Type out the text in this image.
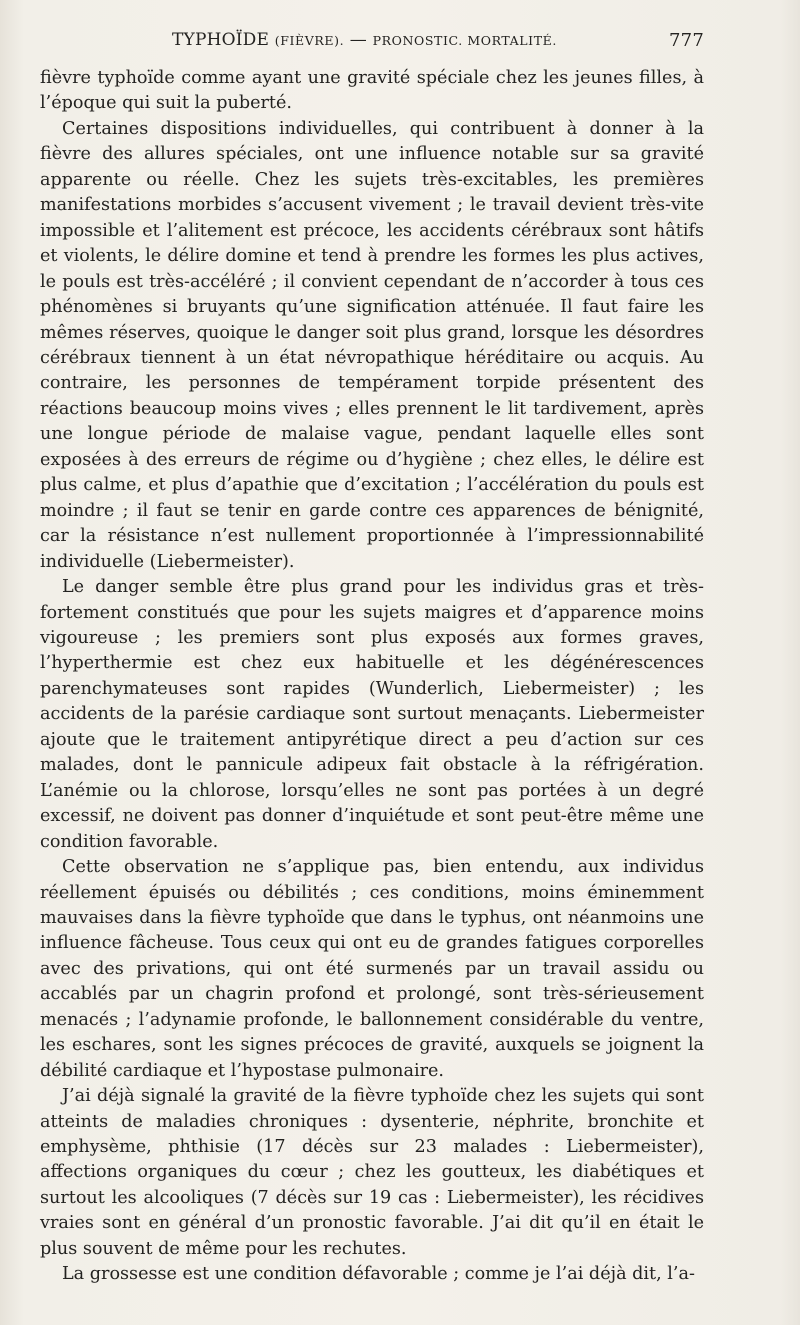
TYPHOÏDE (FIÈVRE). — PRONOSTIC. MORTALITÉ.	777

fièvre typhoïde comme ayant une gravité spéciale chez les jeunes filles, à l’époque qui suit la puberté.

Certaines dispositions individuelles, qui contribuent à donner à la fièvre des allures spéciales, ont une influence notable sur sa gravité apparente ou réelle. Chez les sujets très-excitables, les premières manifestations morbides s’accusent vivement ; le travail devient très-vite impossible et l’alitement est précoce, les accidents cérébraux sont hâtifs et violents, le délire domine et tend à prendre les formes les plus actives, le pouls est très-accéléré ; il convient cependant de n’accorder à tous ces phénomènes si bruyants qu’une signification atténuée. Il faut faire les mêmes réserves, quoique le danger soit plus grand, lorsque les désordres cérébraux tiennent à un état névropathique héréditaire ou acquis. Au contraire, les personnes de tempérament torpide présentent des réactions beaucoup moins vives ; elles prennent le lit tardivement, après une longue période de malaise vague, pendant laquelle elles sont exposées à des erreurs de régime ou d’hygiène ; chez elles, le délire est plus calme, et plus d’apathie que d’excitation ; l’accélération du pouls est moindre ; il faut se tenir en garde contre ces apparences de bénignité, car la résistance n’est nullement proportionnée à l’impressionnabilité individuelle (Liebermeister).

Le danger semble être plus grand pour les individus gras et très-fortement constitués que pour les sujets maigres et d’apparence moins vigoureuse ; les premiers sont plus exposés aux formes graves, l’hyperthermie est chez eux habituelle et les dégénérescences parenchymateuses sont rapides (Wunderlich, Liebermeister) ; les accidents de la parésie cardiaque sont surtout menaçants. Liebermeister ajoute que le traitement antipyrétique direct a peu d’action sur ces malades, dont le pannicule adipeux fait obstacle à la réfrigération. L’anémie ou la chlorose, lorsqu’elles ne sont pas portées à un degré excessif, ne doivent pas donner d’inquiétude et sont peut-être même une condition favorable.

Cette observation ne s’applique pas, bien entendu, aux individus réellement épuisés ou débilités ; ces conditions, moins éminemment mauvaises dans la fièvre typhoïde que dans le typhus, ont néanmoins une influence fâcheuse. Tous ceux qui ont eu de grandes fatigues corporelles avec des privations, qui ont été surmenés par un travail assidu ou accablés par un chagrin profond et prolongé, sont très-sérieusement menacés ; l’adynamie profonde, le ballonnement considérable du ventre, les eschares, sont les signes précoces de gravité, auxquels se joignent la débilité cardiaque et l’hypostase pulmonaire.

J’ai déjà signalé la gravité de la fièvre typhoïde chez les sujets qui sont atteints de maladies chroniques : dysenterie, néphrite, bronchite et emphysème, phthisie (17 décès sur 23 malades : Liebermeister), affections organiques du cœur ; chez les goutteux, les diabétiques et surtout les alcooliques (7 décès sur 19 cas : Liebermeister), les récidives vraies sont en général d’un pronostic favorable. J’ai dit qu’il en était le plus souvent de même pour les rechutes.

La grossesse est une condition défavorable ; comme je l’ai déjà dit, l’a-
